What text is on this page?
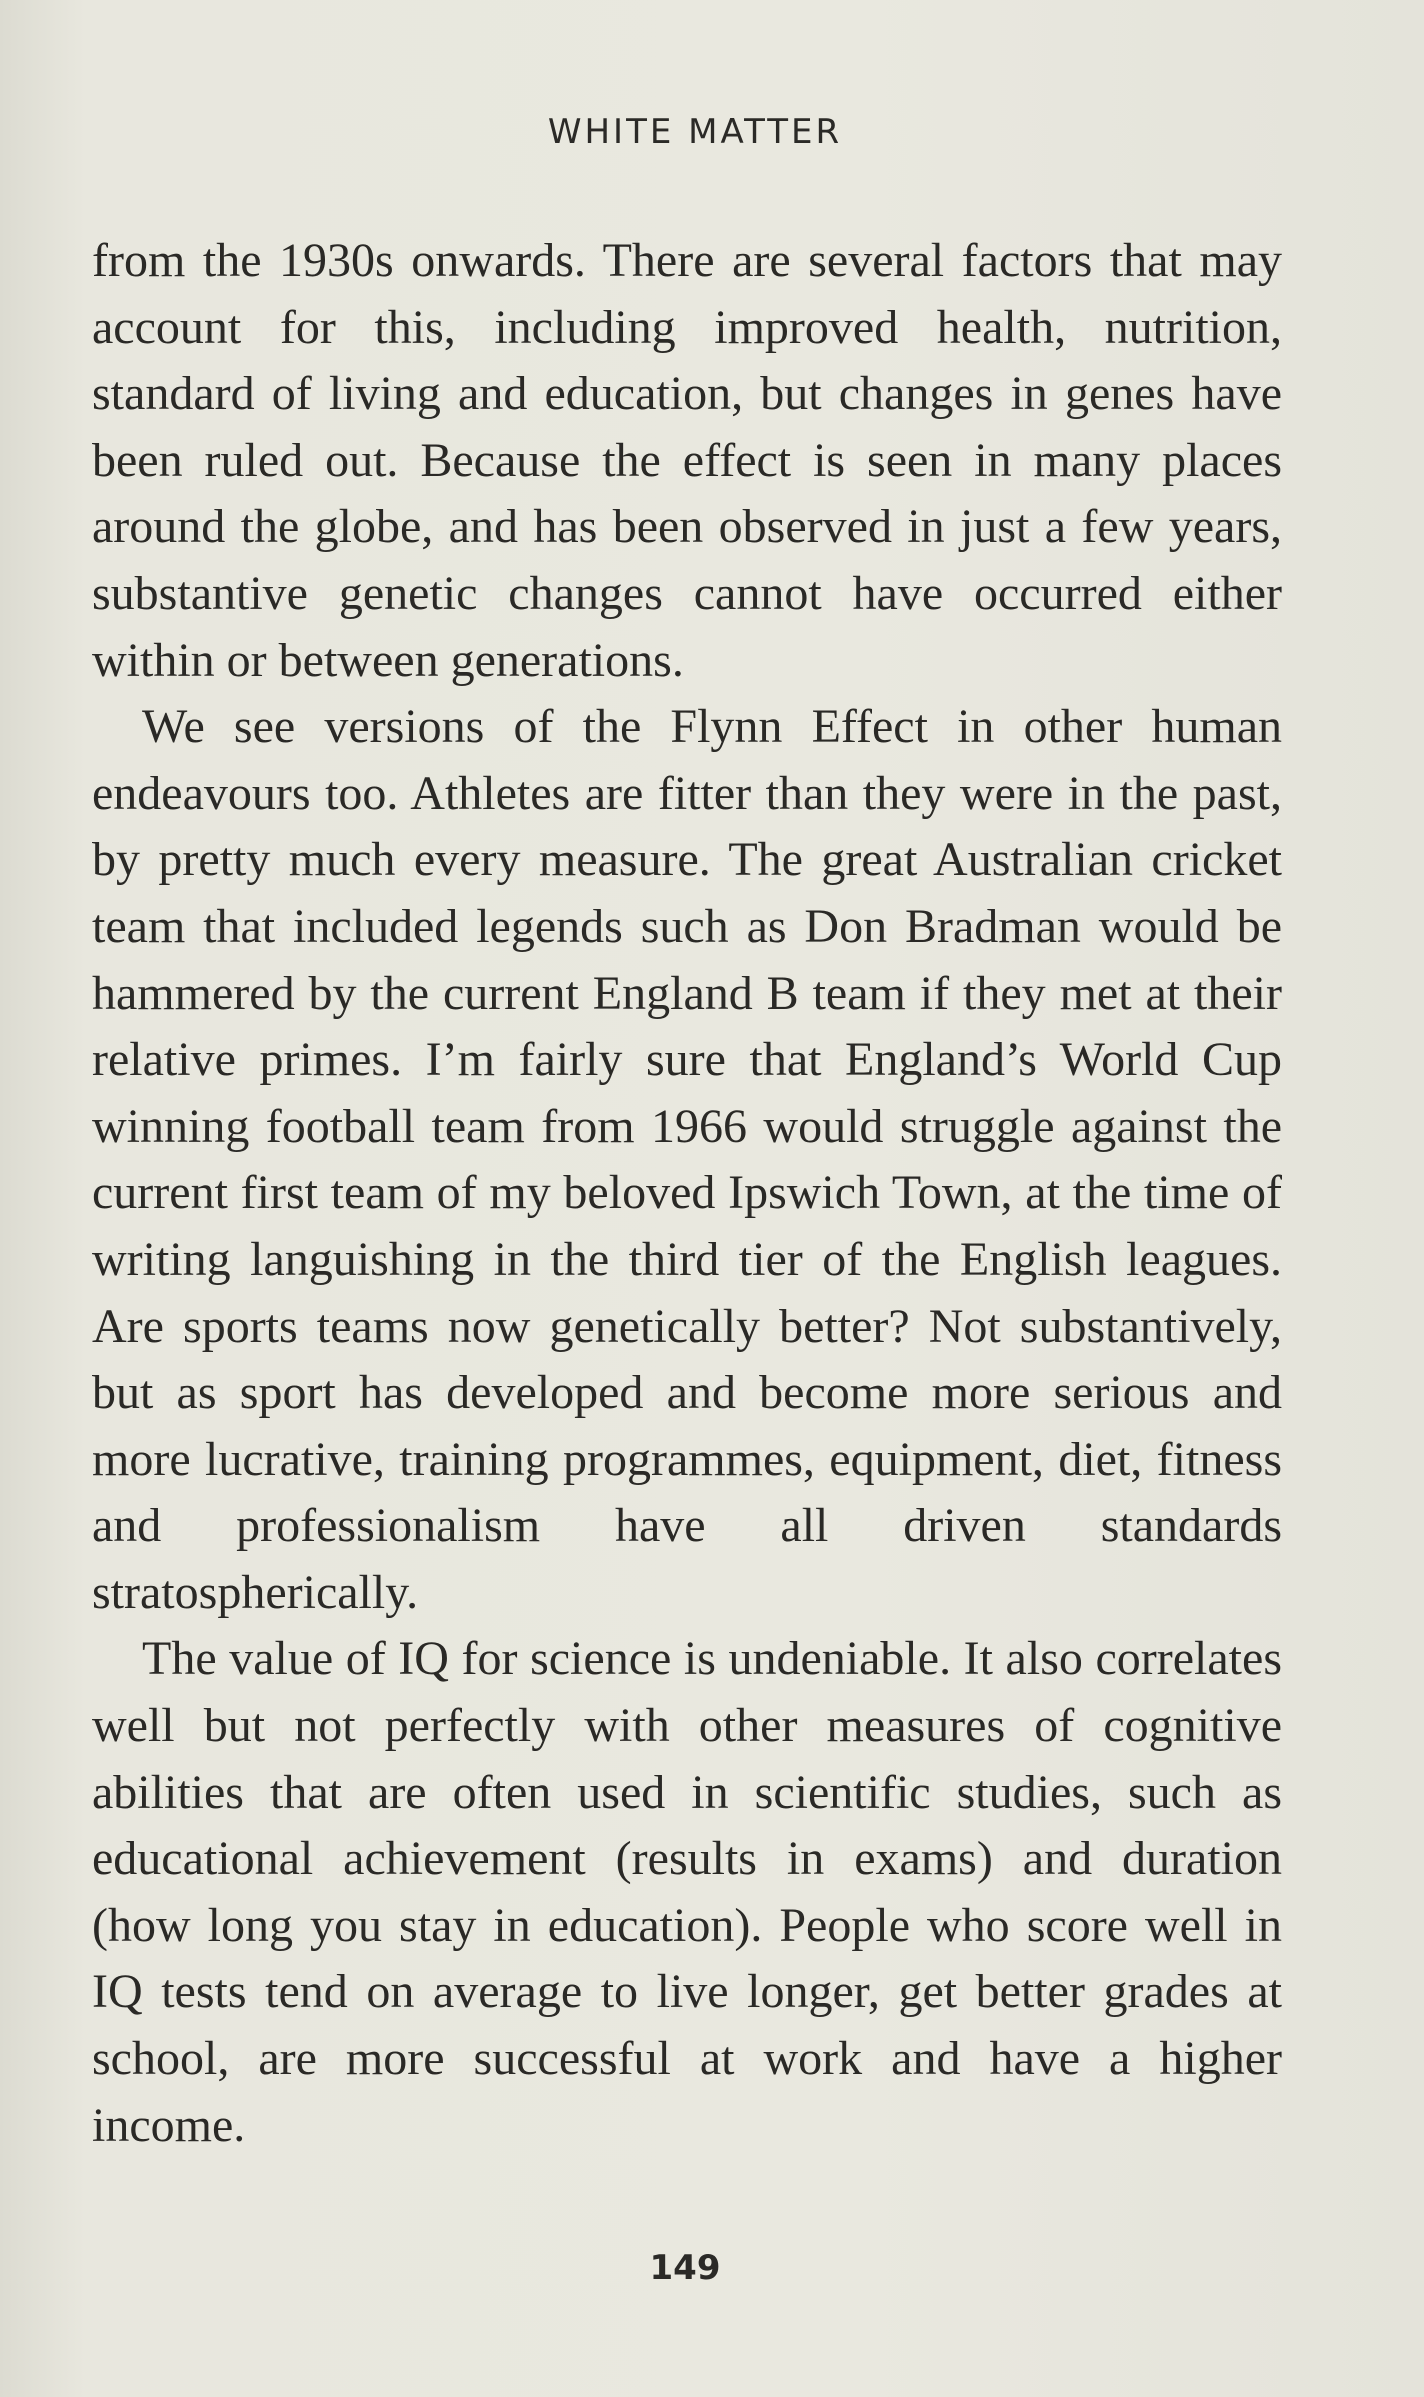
WHITE MATTER

from the 1930s onwards. There are several factors that may account for this, including improved health, nutrition, standard of living and education, but changes in genes have been ruled out. Because the effect is seen in many places around the globe, and has been observed in just a few years, substantive genetic changes cannot have occurred either within or between generations.

We see versions of the Flynn Effect in other human endeavours too. Athletes are fitter than they were in the past, by pretty much every measure. The great Australian cricket team that included legends such as Don Bradman would be hammered by the current England B team if they met at their relative primes. I’m fairly sure that England’s World Cup winning football team from 1966 would struggle against the current first team of my beloved Ipswich Town, at the time of writing languishing in the third tier of the English leagues. Are sports teams now genetically better? Not substantively, but as sport has developed and become more serious and more lucrative, training programmes, equipment, diet, fitness and professionalism have all driven standards stratospherically.

The value of IQ for science is undeniable. It also correlates well but not perfectly with other measures of cognitive abilities that are often used in scientific studies, such as educational achievement (results in exams) and duration (how long you stay in education). People who score well in IQ tests tend on average to live longer, get better grades at school, are more successful at work and have a higher income.

149
